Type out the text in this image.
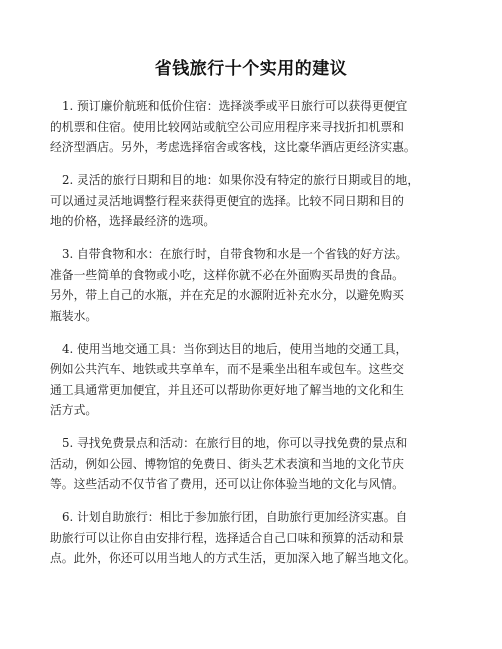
省钱旅行十个实用的建议
1. 预订廉价航班和低价住宿：选择淡季或平日旅行可以获得更便宜
的机票和住宿。使用比较网站或航空公司应用程序来寻找折扣机票和
经济型酒店。另外，考虑选择宿舍或客栈，这比豪华酒店更经济实惠。
2. 灵活的旅行日期和目的地：如果你没有特定的旅行日期或目的地，
可以通过灵活地调整行程来获得更便宜的选择。比较不同日期和目的
地的价格，选择最经济的选项。
3. 自带食物和水：在旅行时，自带食物和水是一个省钱的好方法。
准备一些简单的食物或小吃，这样你就不必在外面购买昂贵的食品。
另外，带上自己的水瓶，并在充足的水源附近补充水分，以避免购买
瓶装水。
4. 使用当地交通工具：当你到达目的地后，使用当地的交通工具，
例如公共汽车、地铁或共享单车，而不是乘坐出租车或包车。这些交
通工具通常更加便宜，并且还可以帮助你更好地了解当地的文化和生
活方式。
5. 寻找免费景点和活动：在旅行目的地，你可以寻找免费的景点和
活动，例如公园、博物馆的免费日、街头艺术表演和当地的文化节庆
等。这些活动不仅节省了费用，还可以让你体验当地的文化与风情。
6. 计划自助旅行：相比于参加旅行团，自助旅行更加经济实惠。自
助旅行可以让你自由安排行程，选择适合自己口味和预算的活动和景
点。此外，你还可以用当地人的方式生活，更加深入地了解当地文化。
